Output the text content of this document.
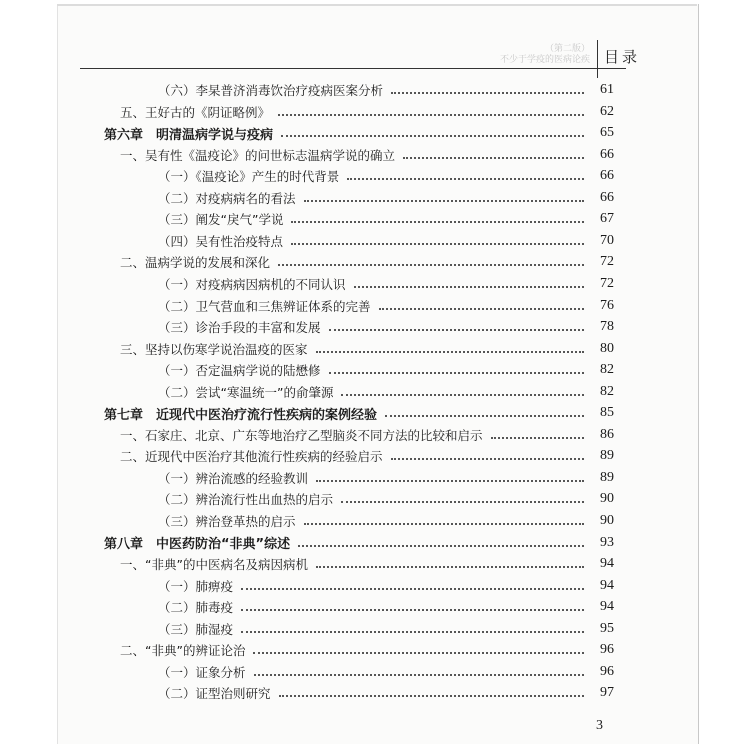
（第二版）
不少于学疫的医病论疾 目录
（六）李杲普济消毒饮治疗疫病医案分析	61
五、王好古的《阴证略例》	62
第六章　明清温病学说与疫病	65
一、吴有性《温疫论》的问世标志温病学说的确立	66
（一）《温疫论》产生的时代背景	66
（二）对疫病病名的看法	66
（三）阐发“戾气”学说	67
（四）吴有性治疫特点	70
二、温病学说的发展和深化	72
（一）对疫病病因病机的不同认识	72
（二）卫气营血和三焦辨证体系的完善	76
（三）诊治手段的丰富和发展	78
三、坚持以伤寒学说治温疫的医家	80
（一）否定温病学说的陆懋修	82
（二）尝试“寒温统一”的俞肇源	82
第七章　近现代中医治疗流行性疾病的案例经验	85
一、石家庄、北京、广东等地治疗乙型脑炎不同方法的比较和启示	86
二、近现代中医治疗其他流行性疾病的经验启示	89
（一）辨治流感的经验教训	89
（二）辨治流行性出血热的启示	90
（三）辨治登革热的启示	90
第八章　中医药防治“非典”综述	93
一、“非典”的中医病名及病因病机	94
（一）肺痹疫	94
（二）肺毒疫	94
（三）肺湿疫	95
二、“非典”的辨证论治	96
（一）证象分析	96
（二）证型治则研究	97
3
